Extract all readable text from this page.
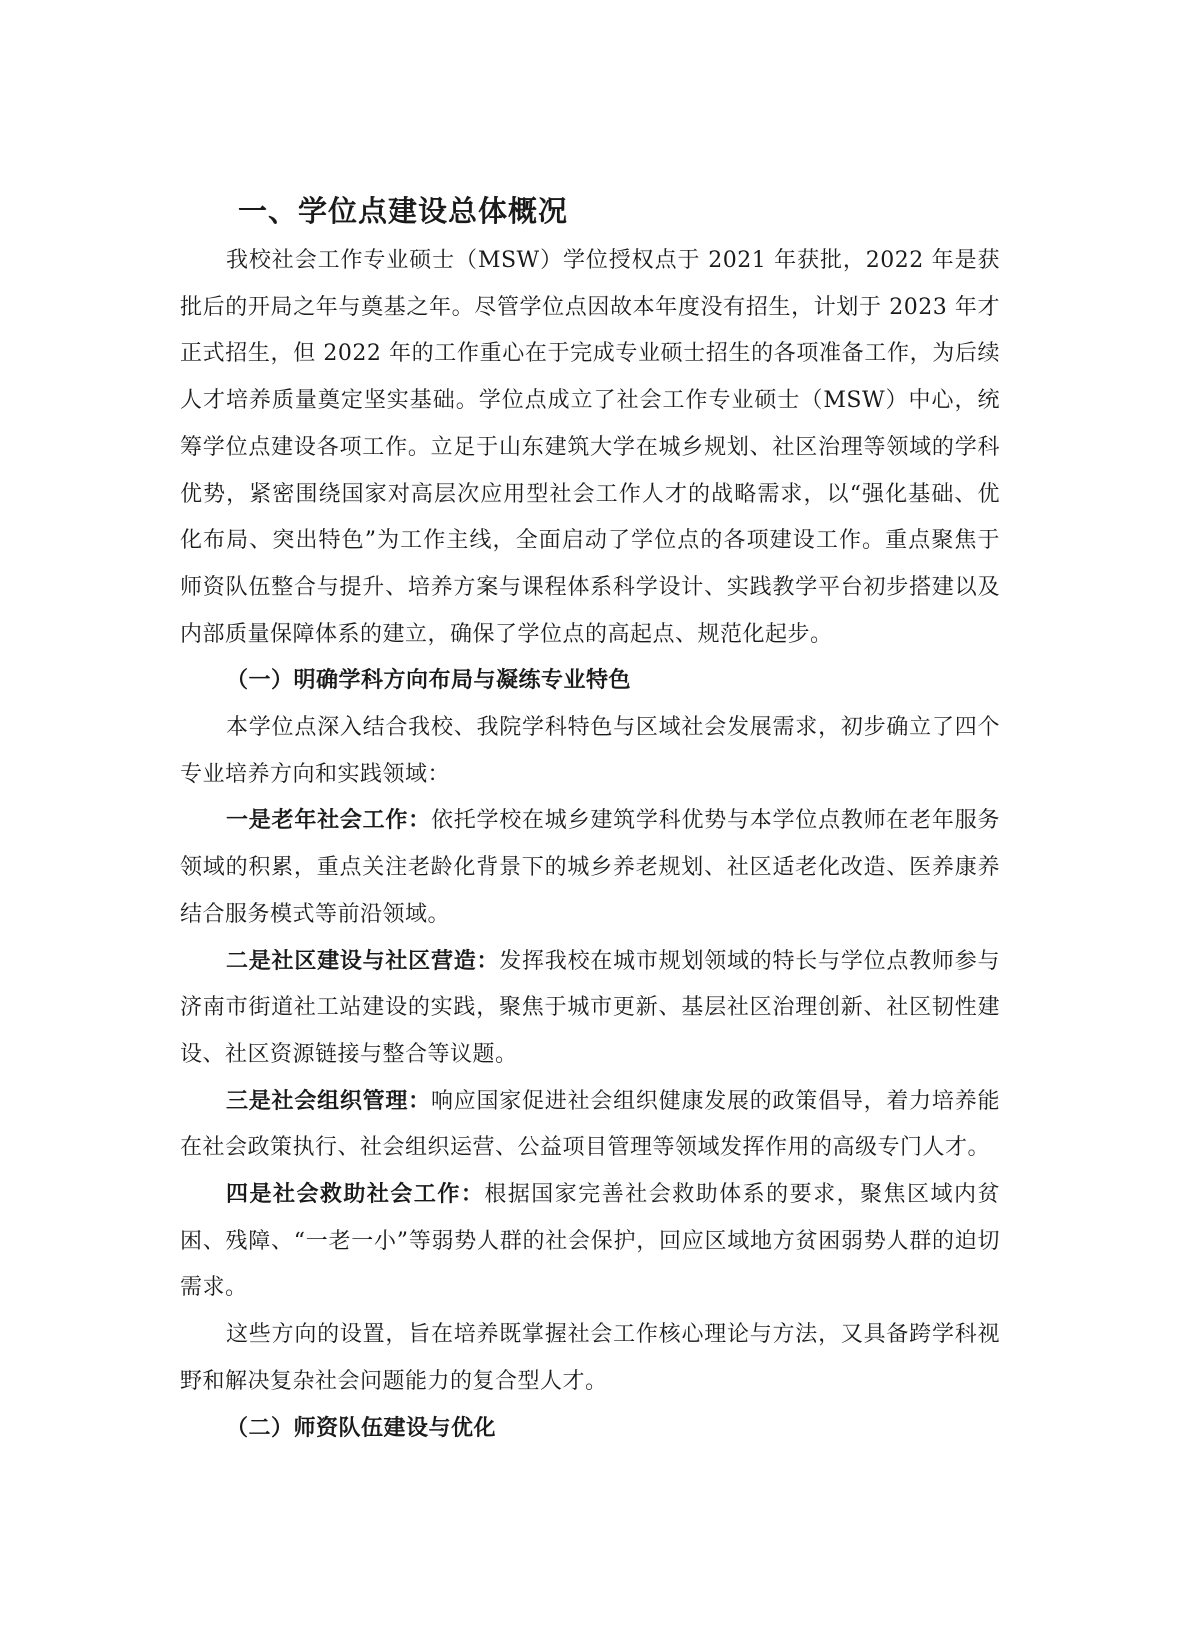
一、学位点建设总体概况

我校社会工作专业硕士（MSW）学位授权点于 2021 年获批，2022 年是获批后的开局之年与奠基之年。尽管学位点因故本年度没有招生，计划于 2023 年才正式招生，但 2022 年的工作重心在于完成专业硕士招生的各项准备工作，为后续人才培养质量奠定坚实基础。学位点成立了社会工作专业硕士（MSW）中心，统筹学位点建设各项工作。立足于山东建筑大学在城乡规划、社区治理等领域的学科优势，紧密围绕国家对高层次应用型社会工作人才的战略需求，以“强化基础、优化布局、突出特色”为工作主线，全面启动了学位点的各项建设工作。重点聚焦于师资队伍整合与提升、培养方案与课程体系科学设计、实践教学平台初步搭建以及内部质量保障体系的建立，确保了学位点的高起点、规范化起步。

（一）明确学科方向布局与凝练专业特色

本学位点深入结合我校、我院学科特色与区域社会发展需求，初步确立了四个专业培养方向和实践领域：

一是老年社会工作：依托学校在城乡建筑学科优势与本学位点教师在老年服务领域的积累，重点关注老龄化背景下的城乡养老规划、社区适老化改造、医养康养结合服务模式等前沿领域。

二是社区建设与社区营造：发挥我校在城市规划领域的特长与学位点教师参与济南市街道社工站建设的实践，聚焦于城市更新、基层社区治理创新、社区韧性建设、社区资源链接与整合等议题。

三是社会组织管理：响应国家促进社会组织健康发展的政策倡导，着力培养能在社会政策执行、社会组织运营、公益项目管理等领域发挥作用的高级专门人才。

四是社会救助社会工作：根据国家完善社会救助体系的要求，聚焦区域内贫困、残障、“一老一小”等弱势人群的社会保护，回应区域地方贫困弱势人群的迫切需求。

这些方向的设置，旨在培养既掌握社会工作核心理论与方法，又具备跨学科视野和解决复杂社会问题能力的复合型人才。

（二）师资队伍建设与优化
